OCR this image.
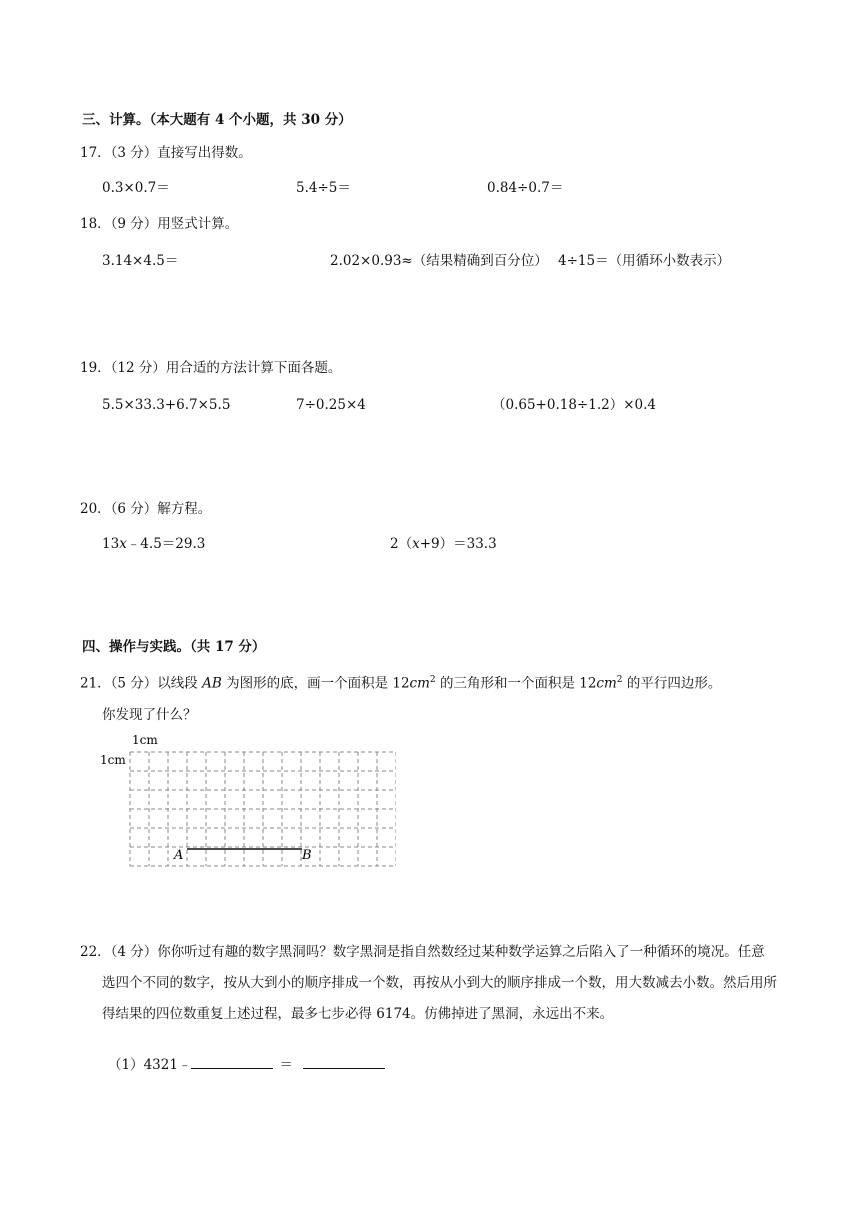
三、计算。（本大题有 4 个小题，共 30 分）
17．（3 分）直接写出得数。
0.3×0.7＝	5.4÷5＝	0.84÷0.7＝
18．（9 分）用竖式计算。
3.14×4.5＝	2.02×0.93≈（结果精确到百分位） 4÷15＝（用循环小数表示）
19．（12 分）用合适的方法计算下面各题。
5.5×33.3+6.7×5.5	7÷0.25×4	（0.65+0.18÷1.2）×0.4
20．（6 分）解方程。
13x﹣4.5＝29.3	2（x+9）＝33.3
四、操作与实践。（共 17 分）
21．（5 分）以线段 AB 为图形的底，画一个面积是 $12cm^2$ 的三角形和一个面积是 $12cm^2$ 的平行四边形。
你发现了什么？
1cm
1cm
A	B
22．（4 分）你你听过有趣的数字黑洞吗？数字黑洞是指自然数经过某种数学运算之后陷入了一种循环的境况。任意选四个不同的数字，按从大到小的顺序排成一个数，再按从小到大的顺序排成一个数，用大数减去小数。然后用所得结果的四位数重复上述过程，最多七步必得 6174。仿佛掉进了黑洞，永远出不来。
（1）4321﹣	＝
